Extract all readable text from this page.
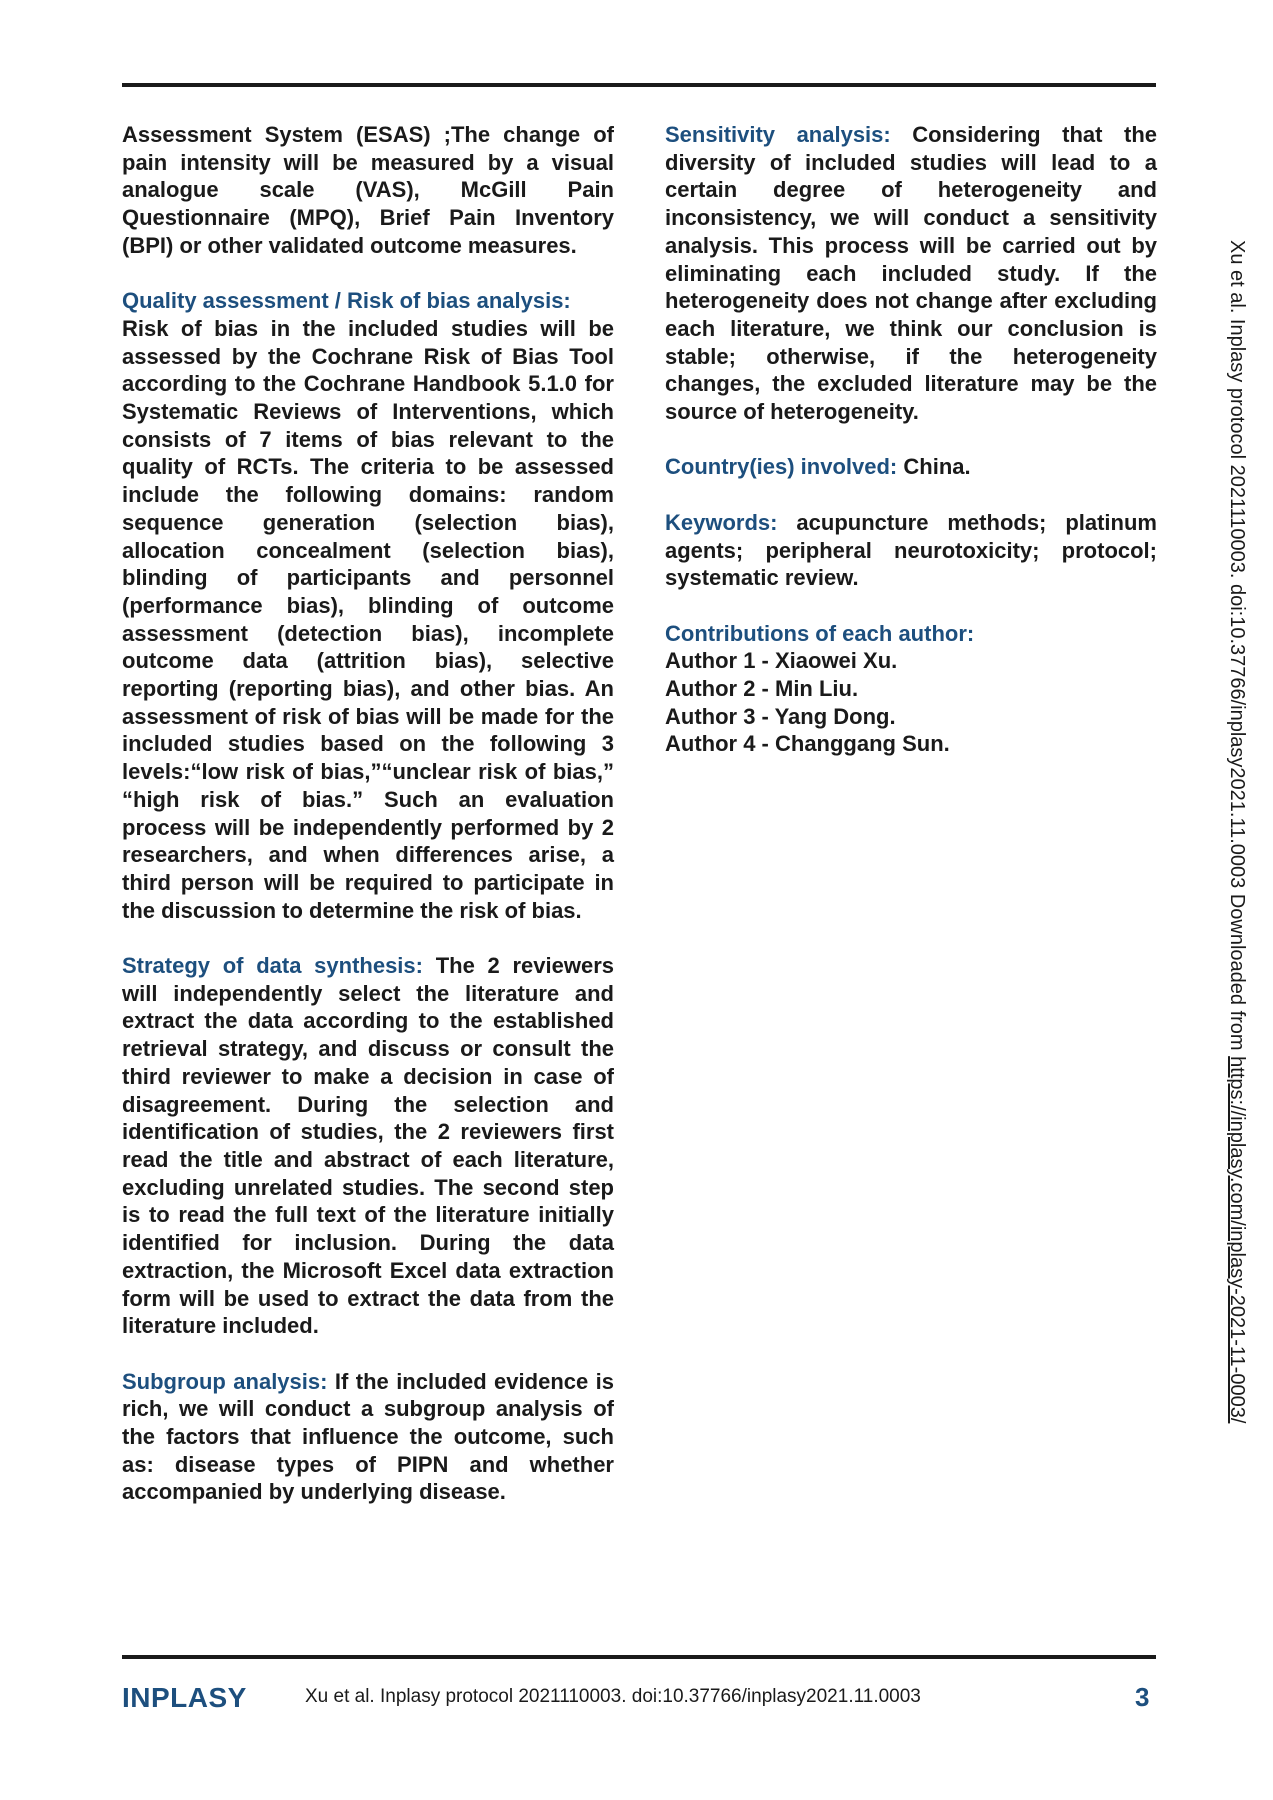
Assessment System (ESAS) ;The change of pain intensity will be measured by a visual analogue scale (VAS), McGill Pain Questionnaire (MPQ), Brief Pain Inventory (BPI) or other validated outcome measures.

Quality assessment / Risk of bias analysis:
Risk of bias in the included studies will be assessed by the Cochrane Risk of Bias Tool according to the Cochrane Handbook 5.1.0 for Systematic Reviews of Interventions, which consists of 7 items of bias relevant to the quality of RCTs. The criteria to be assessed include the following domains: random sequence generation (selection bias), allocation concealment (selection bias), blinding of participants and personnel (performance bias), blinding of outcome assessment (detection bias), incomplete outcome data (attrition bias), selective reporting (reporting bias), and other bias. An assessment of risk of bias will be made for the included studies based on the following 3 levels:“low risk of bias,”“unclear risk of bias,” “high risk of bias.” Such an evaluation process will be independently performed by 2 researchers, and when differences arise, a third person will be required to participate in the discussion to determine the risk of bias.

Strategy of data synthesis: The 2 reviewers will independently select the literature and extract the data according to the established retrieval strategy, and discuss or consult the third reviewer to make a decision in case of disagreement. During the selection and identification of studies, the 2 reviewers first read the title and abstract of each literature, excluding unrelated studies. The second step is to read the full text of the literature initially identified for inclusion. During the data extraction, the Microsoft Excel data extraction form will be used to extract the data from the literature included.

Subgroup analysis: If the included evidence is rich, we will conduct a subgroup analysis of the factors that influence the outcome, such as: disease types of PIPN and whether accompanied by underlying disease.

Sensitivity analysis: Considering that the diversity of included studies will lead to a certain degree of heterogeneity and inconsistency, we will conduct a sensitivity analysis. This process will be carried out by eliminating each included study. If the heterogeneity does not change after excluding each literature, we think our conclusion is stable; otherwise, if the heterogeneity changes, the excluded literature may be the source of heterogeneity.

Country(ies) involved: China.

Keywords: acupuncture methods; platinum agents; peripheral neurotoxicity; protocol; systematic review.

Contributions of each author:
Author 1 - Xiaowei Xu.
Author 2 - Min Liu.
Author 3 - Yang Dong.
Author 4 - Changgang Sun.	Xu et al. Inplasy protocol 2021110003. doi:10.37766/inplasy2021.11.0003 Downloaded from https://inplasy.com/inplasy-2021-11-0003/
INPLASY	Xu et al. Inplasy protocol 2021110003. doi:10.37766/inplasy2021.11.0003	3
